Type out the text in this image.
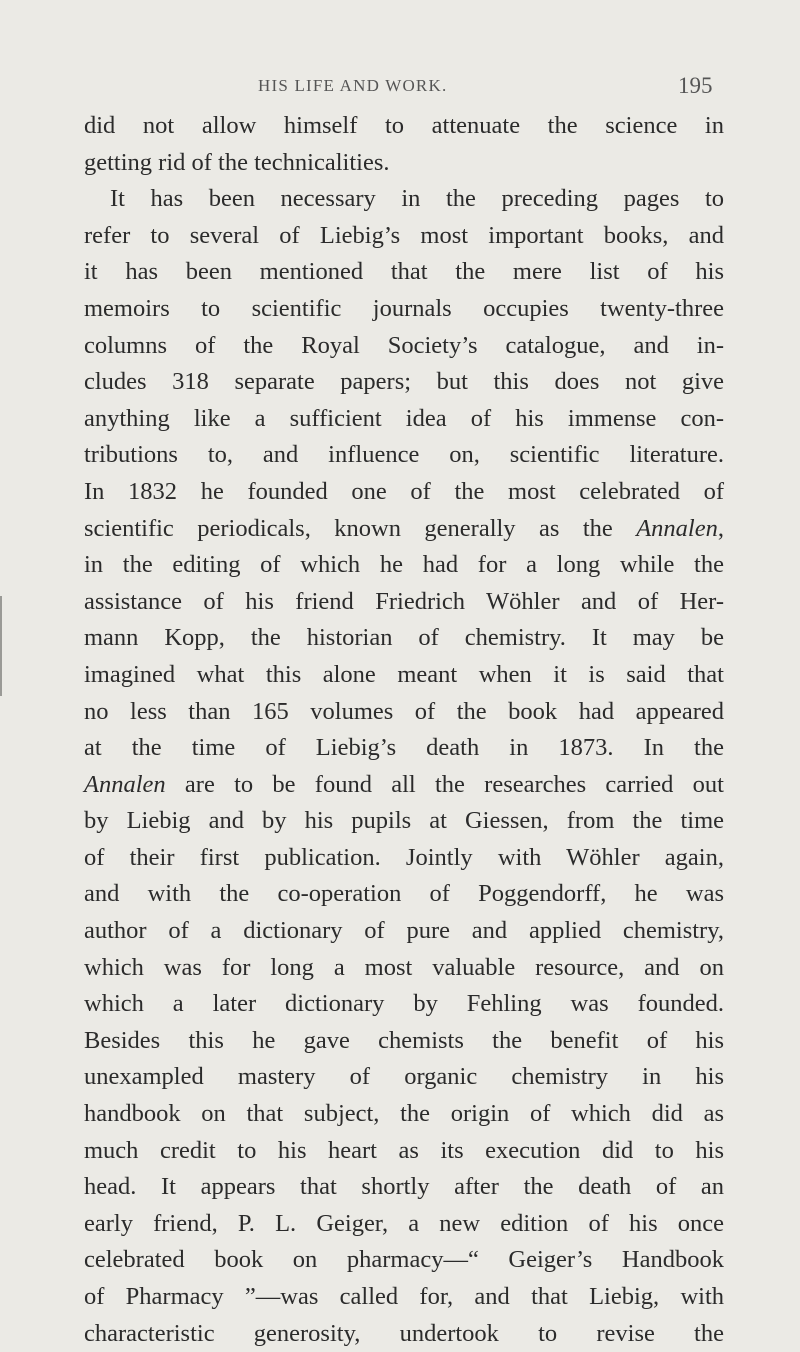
HIS LIFE AND WORK.	195
did not allow himself to attenuate the science in
getting rid of the technicalities.
It has been necessary in the preceding pages to
refer to several of Liebig’s most important books, and
it has been mentioned that the mere list of his
memoirs to scientific journals occupies twenty-three
columns of the Royal Society’s catalogue, and in-
cludes 318 separate papers; but this does not give
anything like a sufficient idea of his immense con-
tributions to, and influence on, scientific literature.
In 1832 he founded one of the most celebrated of
scientific periodicals, known generally as the Annalen,
in the editing of which he had for a long while the
assistance of his friend Friedrich Wöhler and of Her-
mann Kopp, the historian of chemistry. It may be
imagined what this alone meant when it is said that
no less than 165 volumes of the book had appeared
at the time of Liebig’s death in 1873. In the
Annalen are to be found all the researches carried out
by Liebig and by his pupils at Giessen, from the time
of their first publication. Jointly with Wöhler again,
and with the co-operation of Poggendorff, he was
author of a dictionary of pure and applied chemistry,
which was for long a most valuable resource, and on
which a later dictionary by Fehling was founded.
Besides this he gave chemists the benefit of his
unexampled mastery of organic chemistry in his
handbook on that subject, the origin of which did as
much credit to his heart as its execution did to his
head. It appears that shortly after the death of an
early friend, P. L. Geiger, a new edition of his once
celebrated book on pharmacy—“ Geiger’s Handbook
of Pharmacy ”—was called for, and that Liebig, with
characteristic generosity, undertook to revise the
